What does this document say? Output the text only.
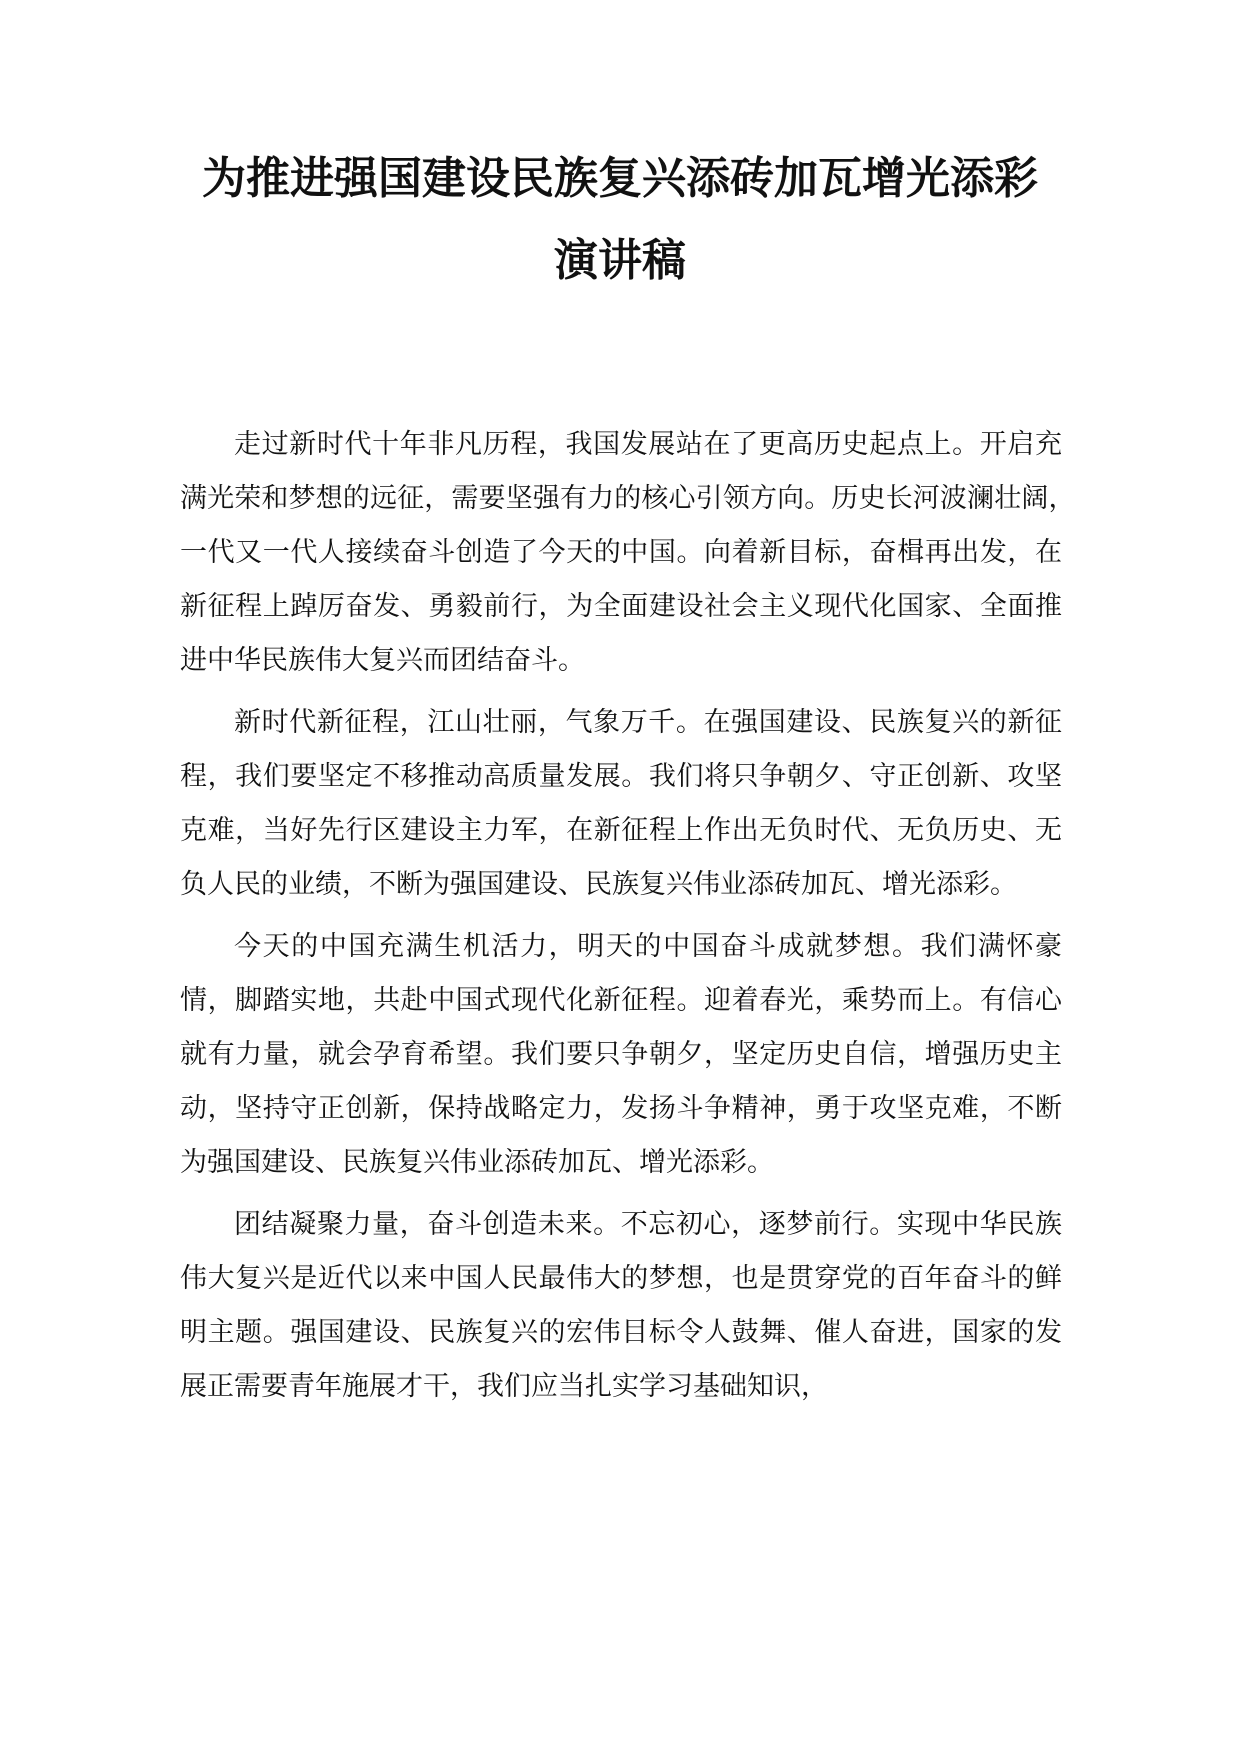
为推进强国建设民族复兴添砖加瓦增光添彩
演讲稿

走过新时代十年非凡历程，我国发展站在了更高历史起点上。开启充满光荣和梦想的远征，需要坚强有力的核心引领方向。历史长河波澜壮阔，　一代又一代人接续奋斗创造了今天的中国。向着新目标，奋楫再出发，在新征程上踔厉奋发、勇毅前行，为全面建设社会主义现代化国家、全面推进中华民族伟大复兴而团结奋斗。

新时代新征程，江山壮丽，气象万千。在强国建设、民族复兴的新征程，我们要坚定不移推动高质量发展。我们将只争朝夕、守正创新、攻坚克难，当好先行区建设主力军，在新征程上作出无负时代、无负历史、无负人民的业绩，不断为强国建设、民族复兴伟业添砖加瓦、增光添彩。

今天的中国充满生机活力，明天的中国奋斗成就梦想。我们满怀豪情，脚踏实地，共赴中国式现代化新征程。迎着春光，乘势而上。有信心就有力量，就会孕育希望。我们要只争朝夕，坚定历史自信，增强历史主动，坚持守正创新，保持战略定力，发扬斗争精神，勇于攻坚克难，不断为强国建设、民族复兴伟业添砖加瓦、增光添彩。

团结凝聚力量，奋斗创造未来。不忘初心，逐梦前行。实现中华民族伟大复兴是近代以来中国人民最伟大的梦想，也是贯穿党的百年奋斗的鲜明主题。强国建设、民族复兴的宏伟目标令人鼓舞、催人奋进，国家的发展正需要青年施展才干，我们应当扎实学习基础知识，
